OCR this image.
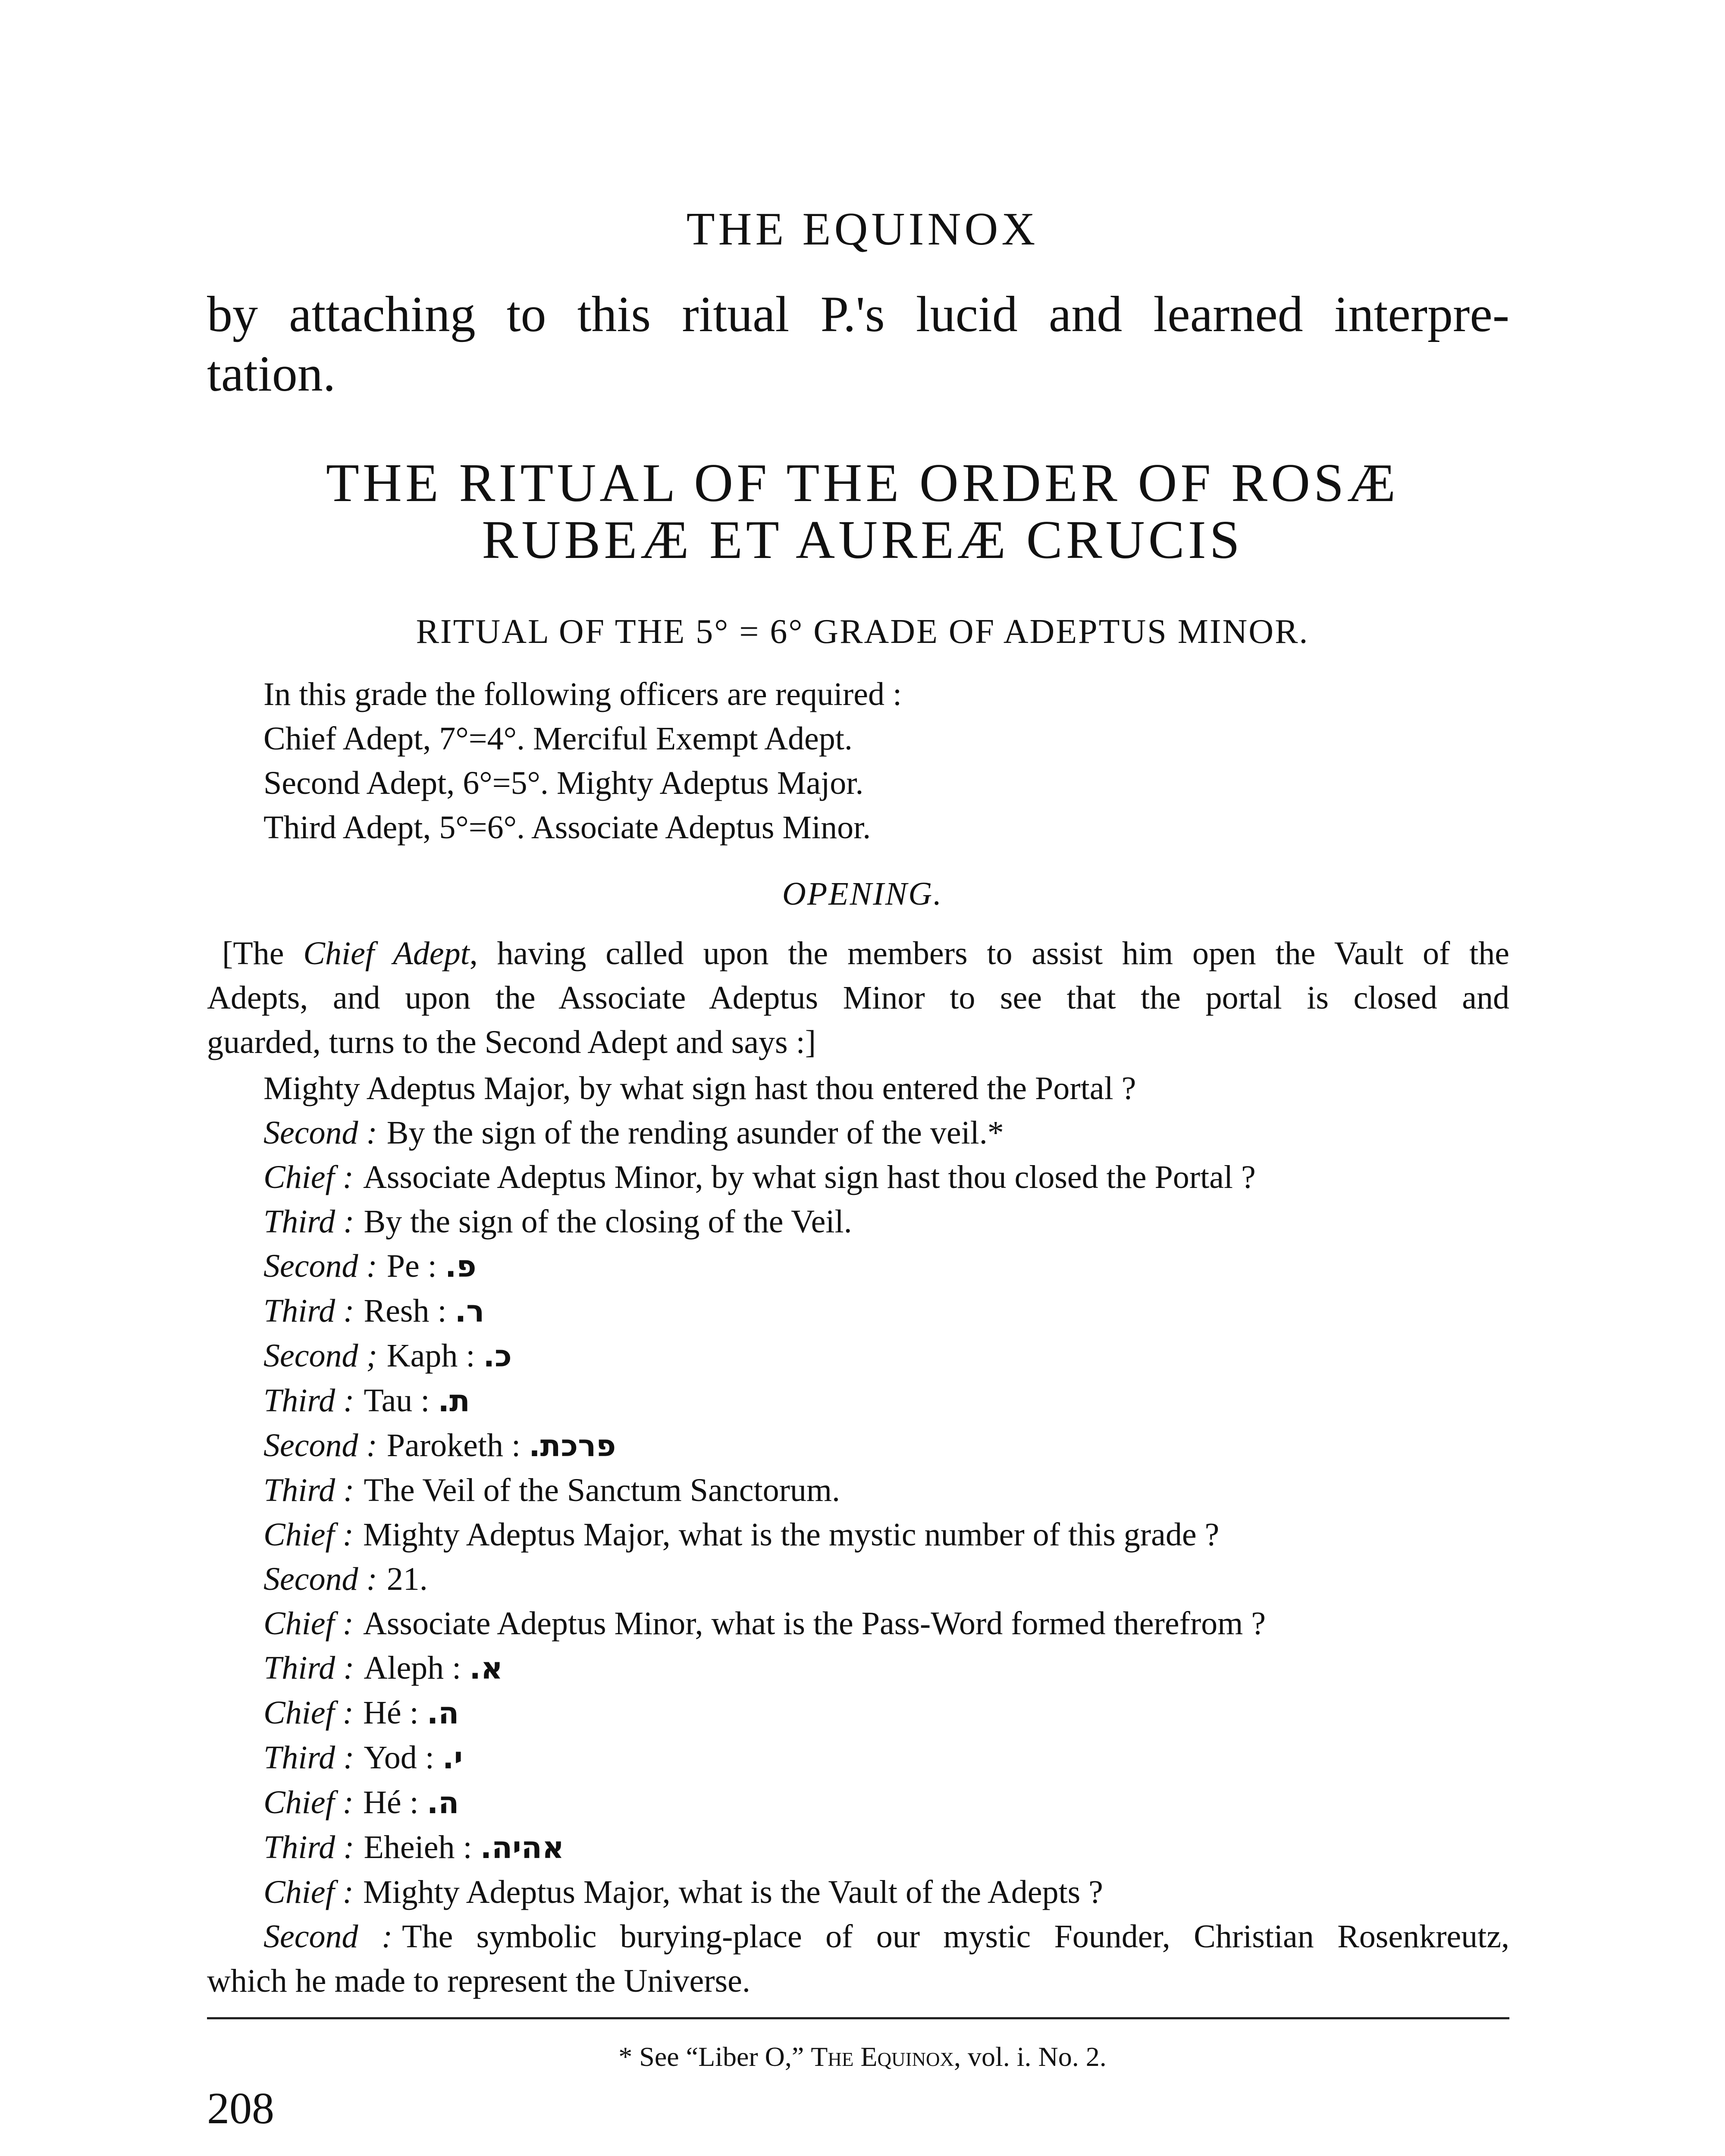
THE EQUINOX
by attaching to this ritual P.'s lucid and learned interpre-
tation.
THE RITUAL OF THE ORDER OF ROSÆ
RUBEÆ ET AUREÆ CRUCIS
RITUAL OF THE 5° = 6° GRADE OF ADEPTUS MINOR.
In this grade the following officers are required :
Chief Adept, 7°=4°. Merciful Exempt Adept.
Second Adept, 6°=5°. Mighty Adeptus Major.
Third Adept, 5°=6°. Associate Adeptus Minor.
OPENING.
[The Chief Adept, having called upon the members to assist him open the Vault of the
Adepts, and upon the Associate Adeptus Minor to see that the portal is closed and
guarded, turns to the Second Adept and says :]
Mighty Adeptus Major, by what sign hast thou entered the Portal ?
Second : By the sign of the rending asunder of the veil.*
Chief : Associate Adeptus Minor, by what sign hast thou closed the Portal ?
Third : By the sign of the closing of the Veil.
Second : Pe : פ.
Third : Resh : ר.
Second ; Kaph : כ.
Third : Tau : ת.
Second : Paroketh : פרכת.
Third : The Veil of the Sanctum Sanctorum.
Chief : Mighty Adeptus Major, what is the mystic number of this grade ?
Second : 21.
Chief : Associate Adeptus Minor, what is the Pass-Word formed therefrom ?
Third : Aleph : א.
Chief : Hé : ה.
Third : Yod : י.
Chief : Hé : ה.
Third : Eheieh : אהיה.
Chief : Mighty Adeptus Major, what is the Vault of the Adepts ?
Second : The symbolic burying-place of our mystic Founder, Christian Rosenkreutz,
which he made to represent the Universe.
* See “Liber O,” The Equinox, vol. i. No. 2.
208
